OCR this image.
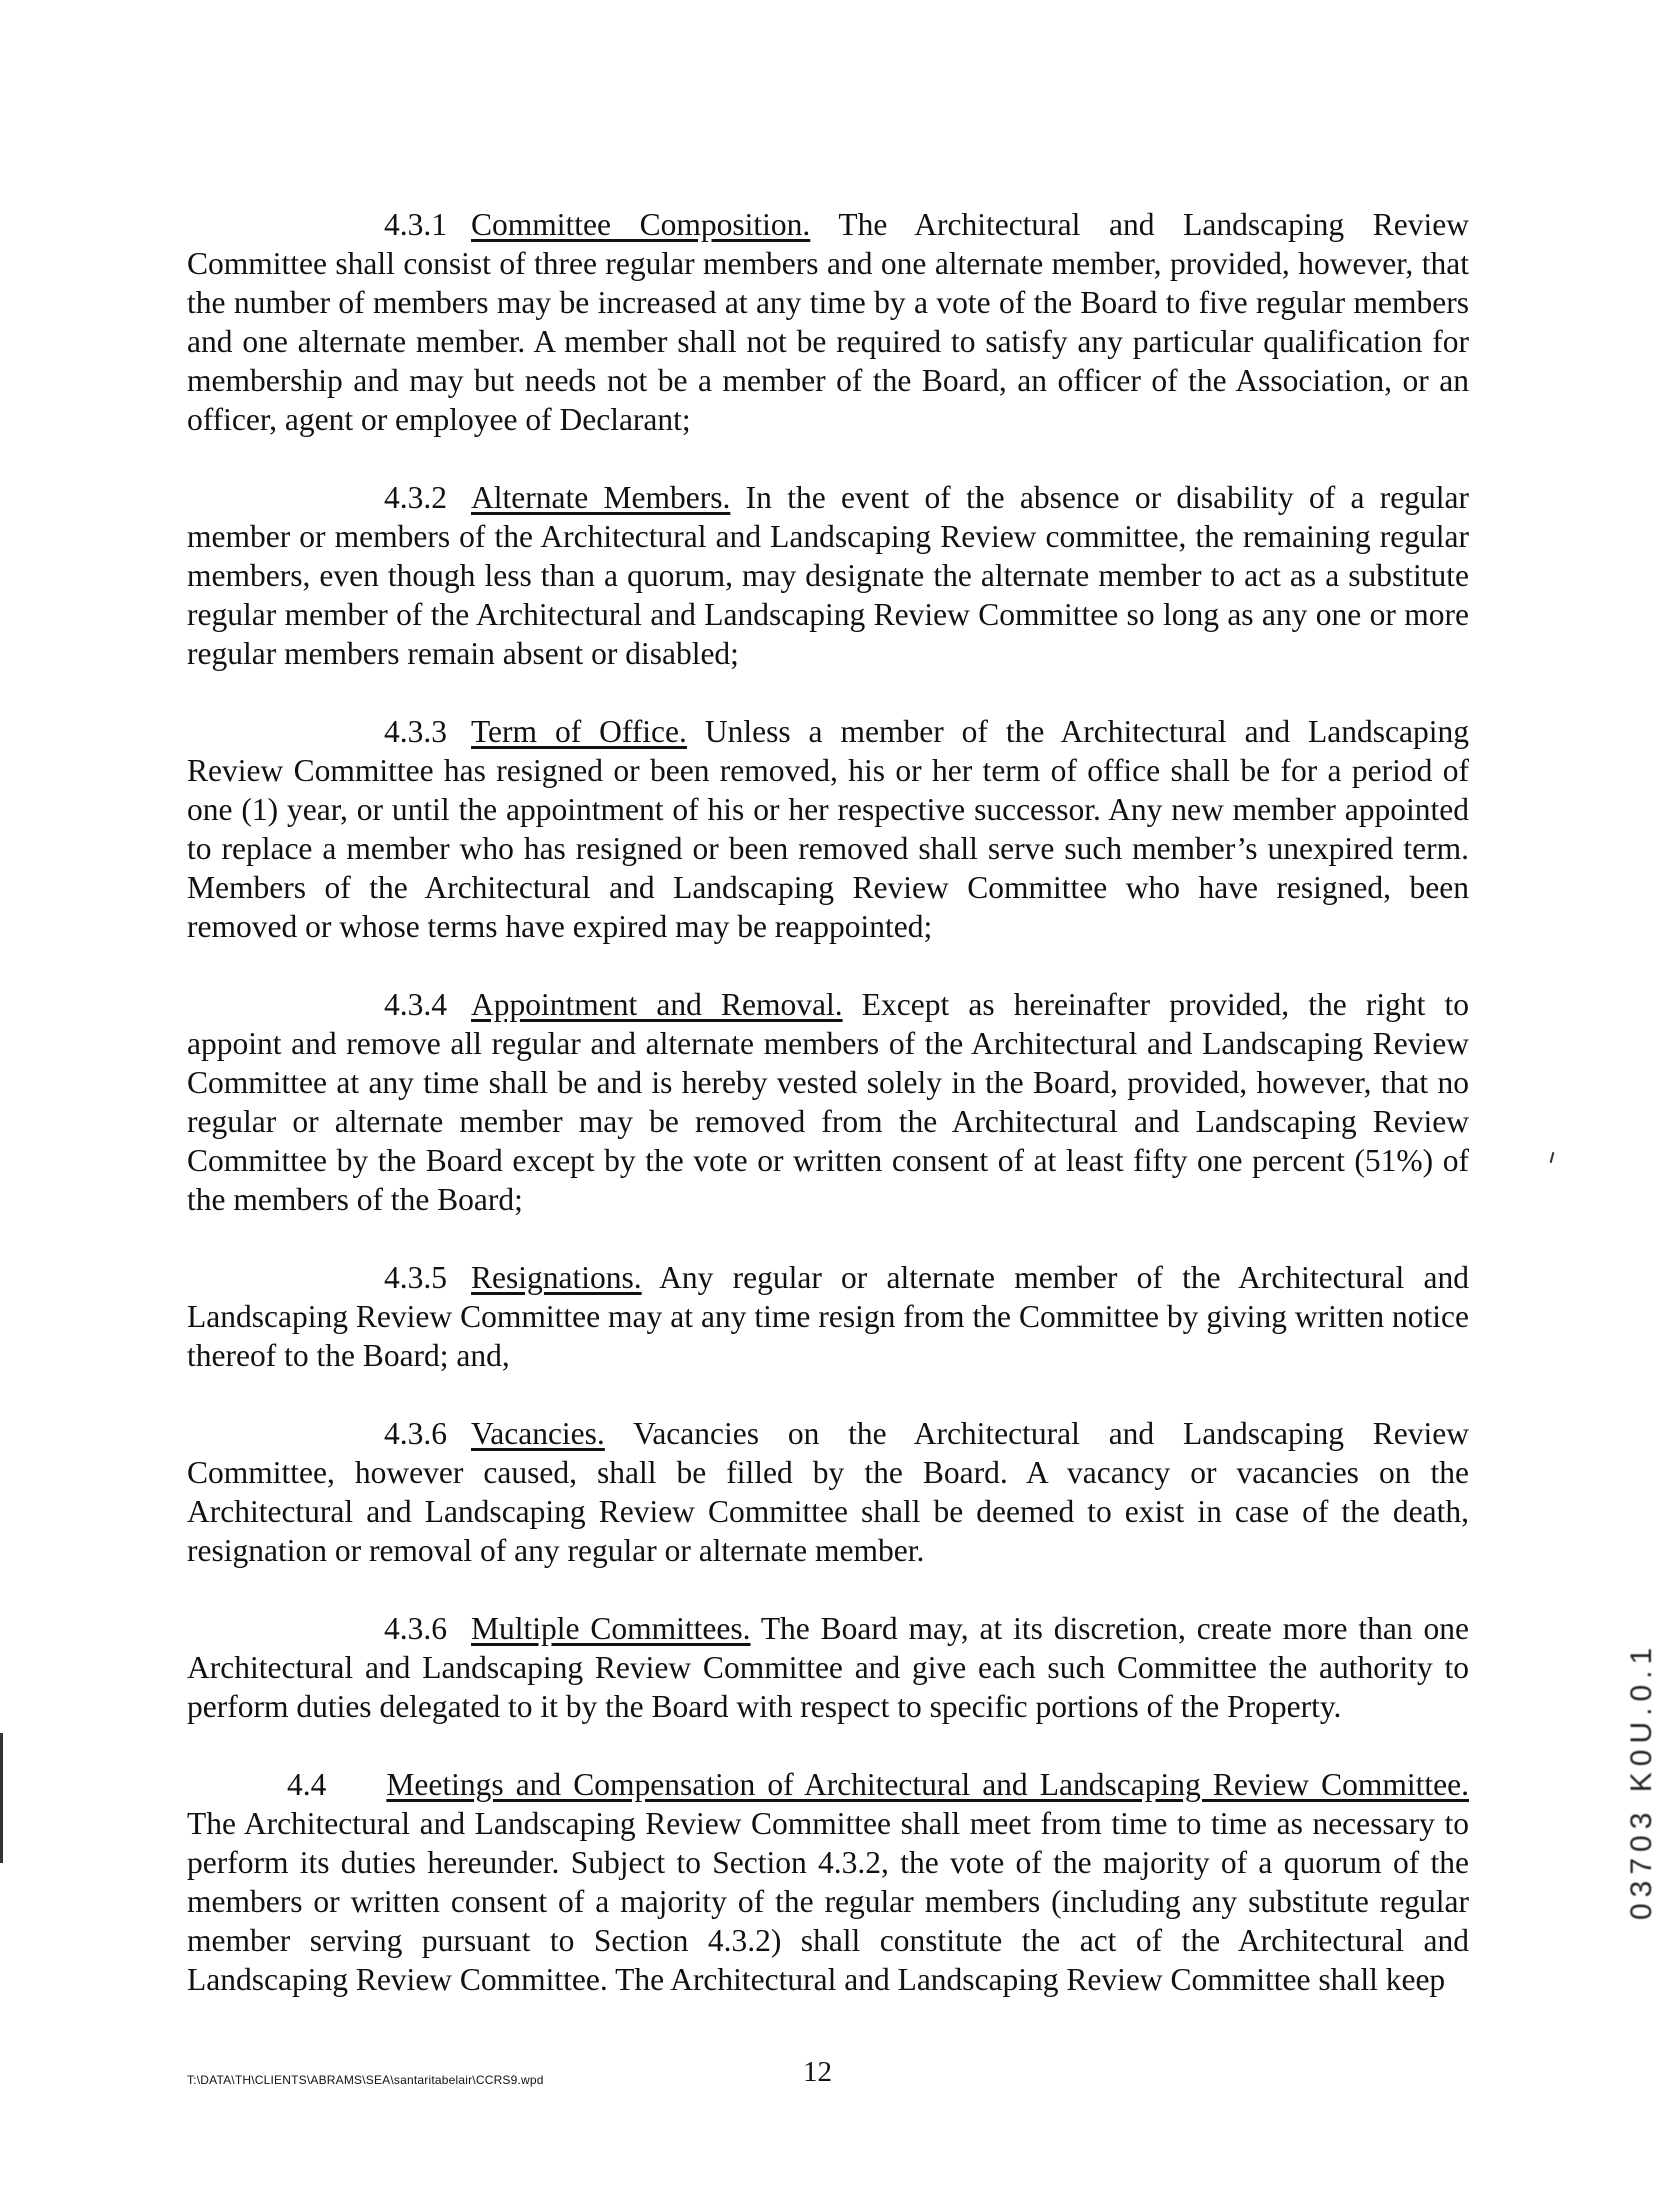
4.3.1 Committee Composition. The Architectural and Landscaping Review Committee shall consist of three regular members and one alternate member, provided, however, that the number of members may be increased at any time by a vote of the Board to five regular members and one alternate member. A member shall not be required to satisfy any particular qualification for membership and may but needs not be a member of the Board, an officer of the Association, or an officer, agent or employee of Declarant;
4.3.2 Alternate Members. In the event of the absence or disability of a regular member or members of the Architectural and Landscaping Review committee, the remaining regular members, even though less than a quorum, may designate the alternate member to act as a substitute regular member of the Architectural and Landscaping Review Committee so long as any one or more regular members remain absent or disabled;
4.3.3 Term of Office. Unless a member of the Architectural and Landscaping Review Committee has resigned or been removed, his or her term of office shall be for a period of one (1) year, or until the appointment of his or her respective successor. Any new member appointed to replace a member who has resigned or been removed shall serve such member’s unexpired term. Members of the Architectural and Landscaping Review Committee who have resigned, been removed or whose terms have expired may be reappointed;
4.3.4 Appointment and Removal. Except as hereinafter provided, the right to appoint and remove all regular and alternate members of the Architectural and Landscaping Review Committee at any time shall be and is hereby vested solely in the Board, provided, however, that no regular or alternate member may be removed from the Architectural and Landscaping Review Committee by the Board except by the vote or written consent of at least fifty one percent (51%) of the members of the Board;
4.3.5 Resignations. Any regular or alternate member of the Architectural and Landscaping Review Committee may at any time resign from the Committee by giving written notice thereof to the Board; and,
4.3.6 Vacancies. Vacancies on the Architectural and Landscaping Review Committee, however caused, shall be filled by the Board. A vacancy or vacancies on the Architectural and Landscaping Review Committee shall be deemed to exist in case of the death, resignation or removal of any regular or alternate member.
4.3.6 Multiple Committees. The Board may, at its discretion, create more than one Architectural and Landscaping Review Committee and give each such Committee the authority to perform duties delegated to it by the Board with respect to specific portions of the Property.
4.4 Meetings and Compensation of Architectural and Landscaping Review Committee. The Architectural and Landscaping Review Committee shall meet from time to time as necessary to perform its duties hereunder. Subject to Section 4.3.2, the vote of the majority of a quorum of the members or written consent of a majority of the regular members (including any substitute regular member serving pursuant to Section 4.3.2) shall constitute the act of the Architectural and Landscaping Review Committee. The Architectural and Landscaping Review Committee shall keep
T:\DATA\TH\CLIENTS\ABRAMS\SEA\santaritabelair\CCRS9.wpd	12
03703 K0U.0.1
